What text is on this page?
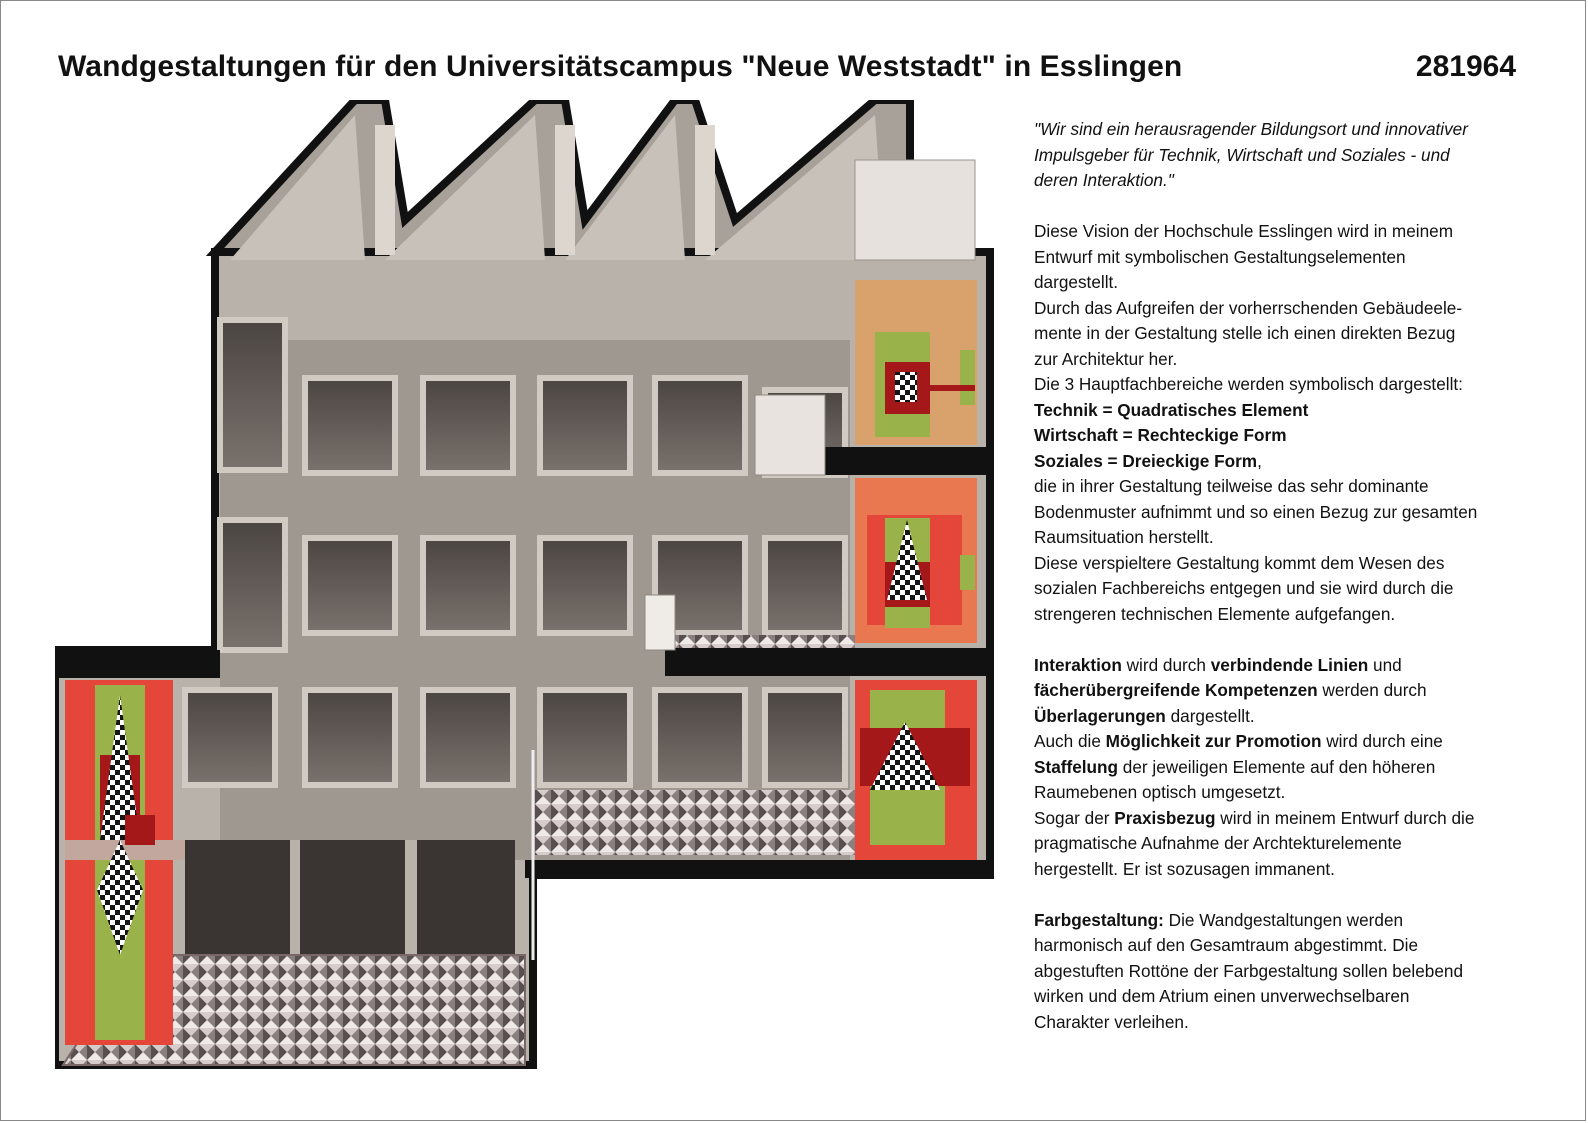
Wandgestaltungen für den Universitätscampus "Neue Weststadt" in Esslingen	281964

"Wir sind ein herausragender Bildungsort und innovativer

Impulsgeber für Technik, Wirtschaft und Soziales - und

deren Interaktion."

Diese Vision der Hochschule Esslingen wird in meinem

Entwurf mit symbolischen Gestaltungselementen

dargestellt.

Durch das Aufgreifen der vorherrschenden Gebäudeele-

mente in der Gestaltung stelle ich einen direkten Bezug

zur Architektur her.

Die 3 Hauptfachbereiche werden symbolisch dargestellt:

Technik = Quadratisches Element

Wirtschaft = Rechteckige Form

Soziales = Dreieckige Form,

die in ihrer Gestaltung teilweise das sehr dominante

Bodenmuster aufnimmt und so einen Bezug zur gesamten

Raumsituation herstellt.

Diese verspieltere Gestaltung kommt dem Wesen des

sozialen Fachbereichs entgegen und sie wird durch die

strengeren technischen Elemente aufgefangen.

Interaktion wird durch verbindende Linien und

fächerübergreifende Kompetenzen werden durch

Überlagerungen dargestellt.

Auch die Möglichkeit zur Promotion wird durch eine

Staffelung der jeweiligen Elemente auf den höheren

Raumebenen optisch umgesetzt.

Sogar der Praxisbezug wird in meinem Entwurf durch die

pragmatische Aufnahme der Archtekturelemente

hergestellt. Er ist sozusagen immanent.

Farbgestaltung: Die Wandgestaltungen werden

harmonisch auf den Gesamtraum abgestimmt. Die

abgestuften Rottöne der Farbgestaltung sollen belebend

wirken und dem Atrium einen unverwechselbaren

Charakter verleihen.
